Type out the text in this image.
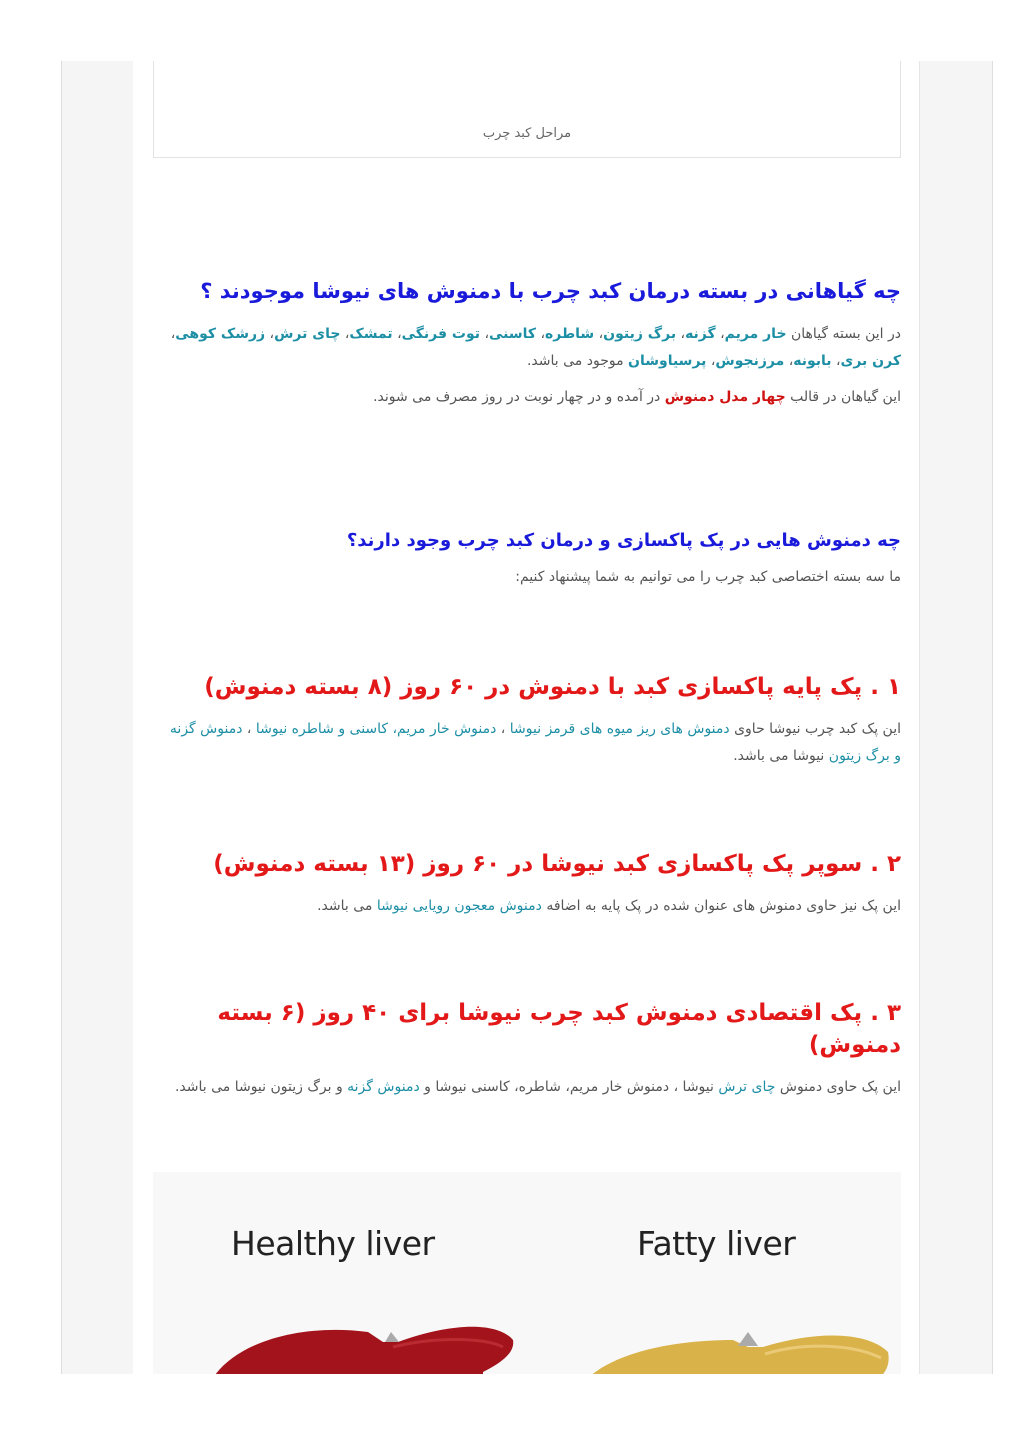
مراحل کبد چرب
چه گیاهانی در بسته درمان کبد چرب با دمنوش های نیوشا موجودند ؟

در این بسته گیاهان خار مریم، گزنه، برگ زیتون، شاطره، کاسنی، توت فرنگی، تمشک، چای ترش، زرشک کوهی، کرن بری، بابونه، مرزنجوش، پرسیاوشان موجود می باشد.

این گیاهان در قالب چهار مدل دمنوش در آمده و در چهار نوبت در روز مصرف می شوند.

چه دمنوش هایی در پک پاکسازی و درمان کبد چرب وجود دارند؟

ما سه بسته اختصاصی کبد چرب را می توانیم به شما پیشنهاد کنیم:

۱ . پک پایه پاکسازی کبد با دمنوش در ۶۰ روز (۸ بسته دمنوش)

این پک کبد چرب نیوشا حاوی دمنوش های ریز میوه های قرمز نیوشا ، دمنوش خار مریم، کاسنی و شاطره نیوشا ، دمنوش گزنه و برگ زیتون نیوشا می باشد.

۲ . سوپر پک پاکسازی کبد نیوشا در ۶۰ روز (۱۳ بسته دمنوش)

این پک نیز حاوی دمنوش های عنوان شده در پک پایه به اضافه دمنوش معجون رویایی نیوشا می باشد.

۳ . پک اقتصادی دمنوش کبد چرب نیوشا برای ۴۰ روز (۶ بسته دمنوش)

این پک حاوی دمنوش چای ترش نیوشا ، دمنوش خار مریم، شاطره، کاسنی نیوشا و دمنوش گزنه و برگ زیتون نیوشا می باشد.

Healthy liver	Fatty liver
